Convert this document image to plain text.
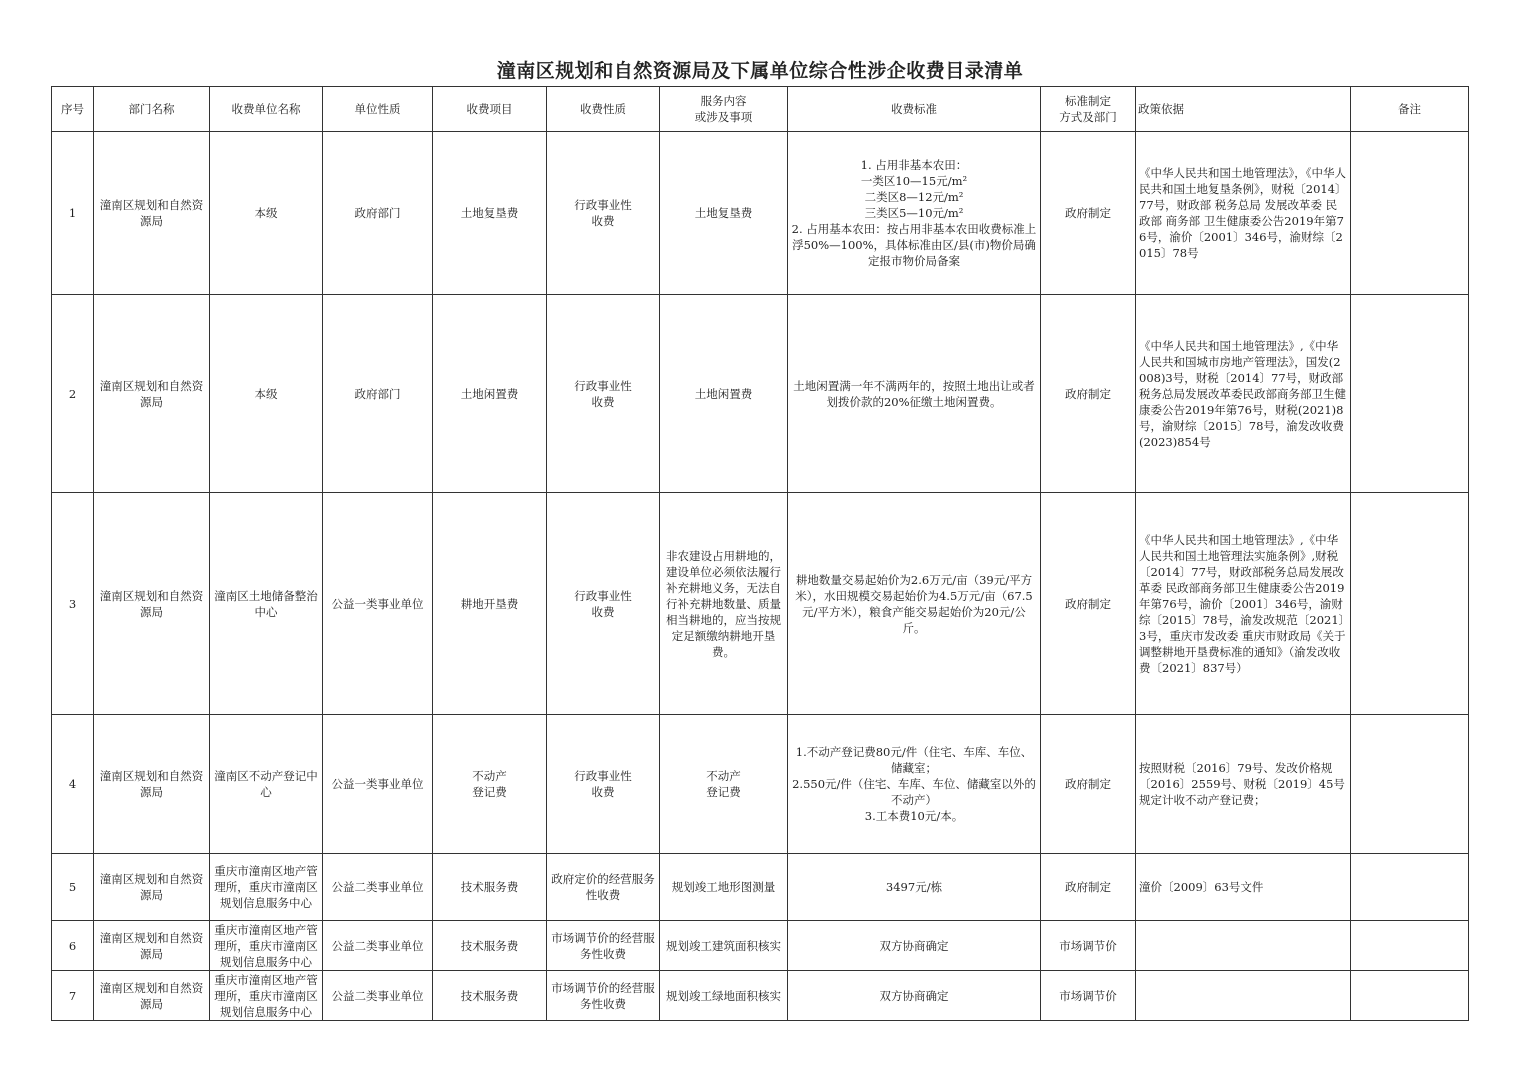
潼南区规划和自然资源局及下属单位综合性涉企收费目录清单
序号	部门名称	收费单位名称	单位性质	收费项目	收费性质	服务内容
或涉及事项	收费标准	标准制定
方式及部门	政策依据	备注
1	潼南区规划和自然资源局	本级	政府部门	土地复垦费	行政事业性
收费	土地复垦费	1. 占用非基本农田：
一类区10—15元/m²
二类区8—12元/m²
三类区5—10元/m²
2. 占用基本农田：按占用非基本农田收费标准上浮50%—100%，具体标准由区/县(市)物价局确定报市物价局备案	政府制定	《中华人民共和国土地管理法》，《中华人民共和国土地复垦条例》，财税〔2014〕77号，财政部 税务总局 发展改革委 民政部 商务部 卫生健康委公告2019年第76号，渝价〔2001〕346号，渝财综〔2015〕78号	
2	潼南区规划和自然资源局	本级	政府部门	土地闲置费	行政事业性
收费	土地闲置费	土地闲置满一年不满两年的，按照土地出让或者划拨价款的20%征缴土地闲置费。	政府制定	《中华人民共和国土地管理法》,《中华人民共和国城市房地产管理法》，国发(2008)3号，财税〔2014〕77号，财政部税务总局发展改革委民政部商务部卫生健康委公告2019年第76号，财税(2021)8号，渝财综〔2015〕78号，渝发改收费(2023)854号	
3	潼南区规划和自然资源局	潼南区土地储备整治中心	公益一类事业单位	耕地开垦费	行政事业性
收费	非农建设占用耕地的，建设单位必须依法履行补充耕地义务，无法自行补充耕地数量、质量相当耕地的，应当按规定足额缴纳耕地开垦费。	耕地数量交易起始价为2.6万元/亩（39元/平方米），水田规模交易起始价为4.5万元/亩（67.5元/平方米），粮食产能交易起始价为20元/公斤。	政府制定	《中华人民共和国土地管理法》,《中华人民共和国土地管理法实施条例》,财税〔2014〕77号，财政部税务总局发展改革委 民政部商务部卫生健康委公告2019年第76号，渝价〔2001〕346号，渝财综〔2015〕78号，渝发改规范〔2021〕3号，重庆市发改委 重庆市财政局《关于调整耕地开垦费标准的通知》（渝发改收费〔2021〕837号）	
4	潼南区规划和自然资源局	潼南区不动产登记中心	公益一类事业单位	不动产
登记费	行政事业性
收费	不动产
登记费	1.不动产登记费80元/件（住宅、车库、车位、储藏室；
2.550元/件（住宅、车库、车位、储藏室以外的不动产）
3.工本费10元/本。	政府制定	按照财税〔2016〕79号、发改价格规〔2016〕2559号、财税〔2019〕45号规定计收不动产登记费；	
5	潼南区规划和自然资源局	重庆市潼南区地产管理所，重庆市潼南区规划信息服务中心	公益二类事业单位	技术服务费	政府定价的经营服务性收费	规划竣工地形图测量	3497元/栋	政府制定	潼价〔2009〕63号文件	
6	潼南区规划和自然资源局	重庆市潼南区地产管理所，重庆市潼南区规划信息服务中心	公益二类事业单位	技术服务费	市场调节价的经营服务性收费	规划竣工建筑面积核实	双方协商确定	市场调节价		
7	潼南区规划和自然资源局	重庆市潼南区地产管理所，重庆市潼南区规划信息服务中心	公益二类事业单位	技术服务费	市场调节价的经营服务性收费	规划竣工绿地面积核实	双方协商确定	市场调节价		
